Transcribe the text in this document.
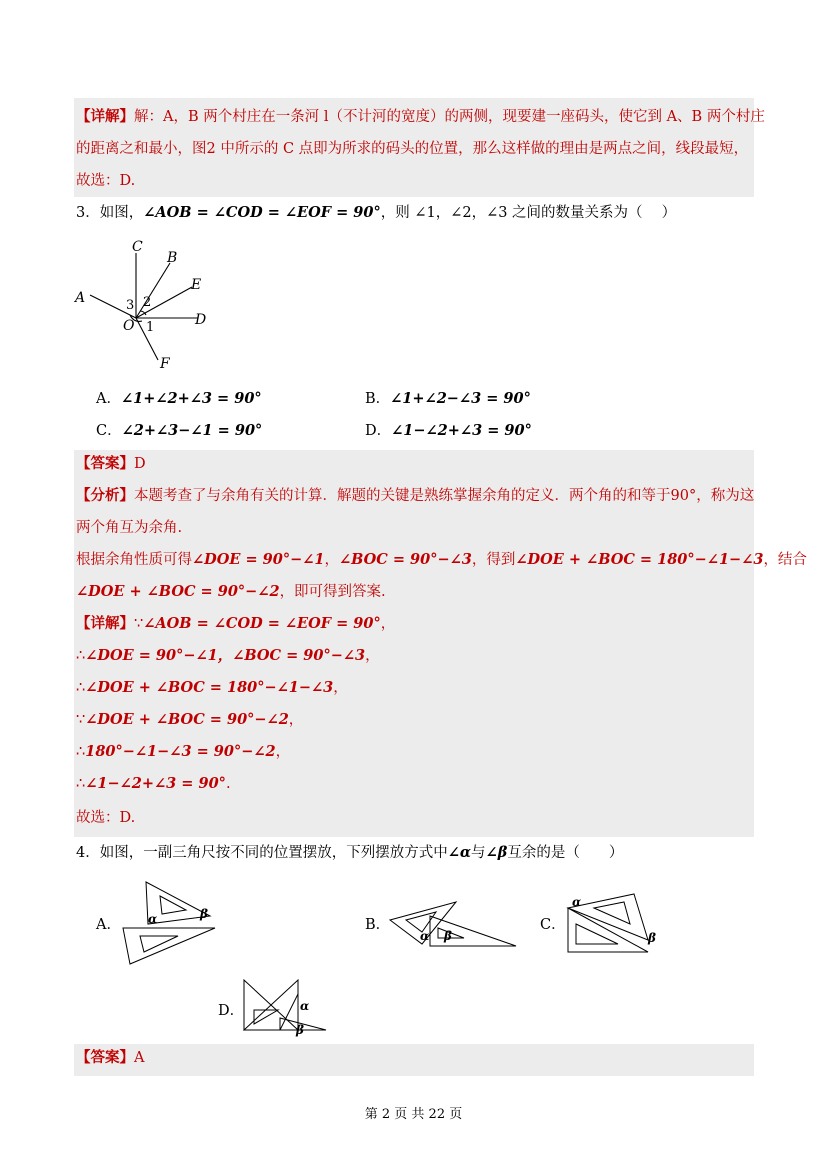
【详解】解：A，B 两个村庄在一条河 l（不计河的宽度）的两侧，现要建一座码头，使它到 A、B 两个村庄
的距离之和最小，图2 中所示的 C 点即为所求的码头的位置，那么这样做的理由是两点之间，线段最短，
故选：D.
3．如图，∠AOB = ∠COD = ∠EOF = 90°，则 ∠1，∠2，∠3 之间的数量关系为（　 ）
C
B
E
A
D
F
O
3 2
1
A．∠1+∠2+∠3 = 90°	B．∠1+∠2−∠3 = 90°
C．∠2+∠3−∠1 = 90°	D．∠1−∠2+∠3 = 90°
【答案】D
【分析】本题考查了与余角有关的计算．解题的关键是熟练掌握余角的定义．两个角的和等于90°，称为这
两个角互为余角.
根据余角性质可得∠DOE = 90°−∠1，∠BOC = 90°−∠3，得到∠DOE + ∠BOC = 180°−∠1−∠3，结合
∠DOE + ∠BOC = 90°−∠2，即可得到答案.
【详解】∵∠AOB = ∠COD = ∠EOF = 90°，
∴∠DOE = 90°−∠1，∠BOC = 90°−∠3，
∴∠DOE + ∠BOC = 180°−∠1−∠3，
∵∠DOE + ∠BOC = 90°−∠2，
∴180°−∠1−∠3 = 90°−∠2，
∴∠1−∠2+∠3 = 90°.
故选：D.
4．如图，一副三角尺按不同的位置摆放，下列摆放方式中∠α与∠β互余的是（　　）
A． α	β
B．
α β
C．
α
β
D．	α
β
【答案】A
第 2 页 共 22 页
